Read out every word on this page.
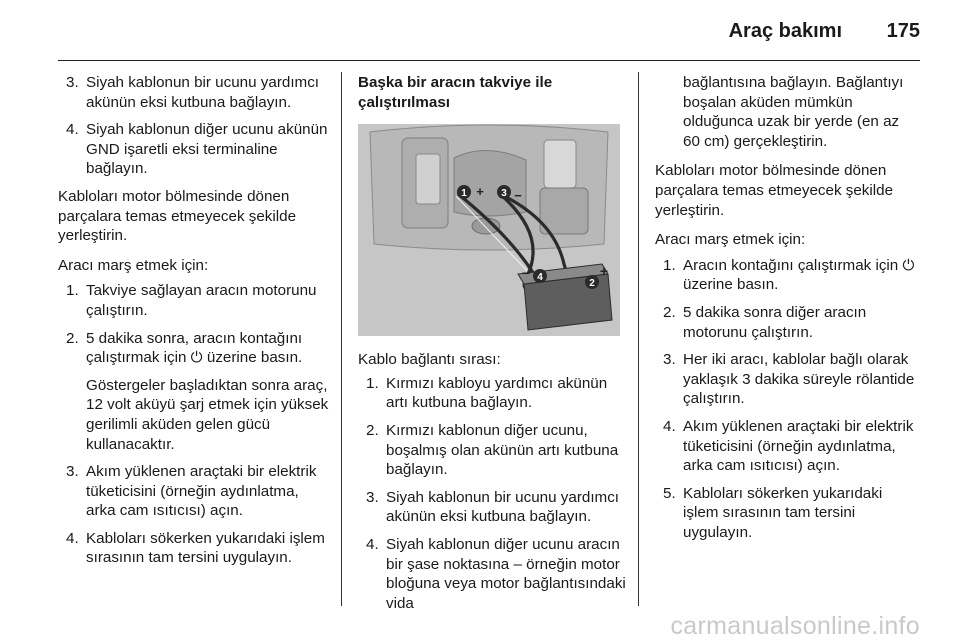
Araç bakımı 175
3. Siyah kablonun bir ucunu yardımcı akünün eksi kutbuna bağlayın.
4. Siyah kablonun diğer ucunu akünün GND işaretli eksi terminaline bağlayın.

Kabloları motor bölmesinde dönen parçalara temas etmeyecek şekilde yerleştirin.

Aracı marş etmek için:

1. Takviye sağlayan aracın motorunu çalıştırın.
2. 5 dakika sonra, aracın kontağını çalıştırmak için ⏻ üzerine basın.
Göstergeler başladıktan sonra araç, 12 volt aküyü şarj etmek için yüksek gerilimli aküden gelen gücü kullanacaktır.
3. Akım yüklenen araçtaki bir elektrik tüketicisini (örneğin aydınlatma, arka cam ısıtıcısı) açın.
4. Kabloları sökerken yukarıdaki işlem sırasının tam tersini uygulayın.
Başka bir aracın takviye ile çalıştırılması
1 + 3 −
4
−
2
+

Kablo bağlantı sırası:

1. Kırmızı kabloyu yardımcı akünün artı kutbuna bağlayın.
2. Kırmızı kablonun diğer ucunu, boşalmış olan akünün artı kutbuna bağlayın.
3. Siyah kablonun bir ucunu yardımcı akünün eksi kutbuna bağlayın.
4. Siyah kablonun diğer ucunu aracın bir şase noktasına – örneğin motor bloğuna veya motor bağlantısındaki vida

bağlantısına bağlayın. Bağlantıyı boşalan aküden mümkün olduğunca uzak bir yerde (en az 60 cm) gerçekleştirin.

Kabloları motor bölmesinde dönen parçalara temas etmeyecek şekilde yerleştirin.

Aracı marş etmek için:

1. Aracın kontağını çalıştırmak için ⏻ üzerine basın.
2. 5 dakika sonra diğer aracın motorunu çalıştırın.
3. Her iki aracı, kablolar bağlı olarak yaklaşık 3 dakika süreyle rölantide çalıştırın.
4. Akım yüklenen araçtaki bir elektrik tüketicisini (örneğin aydınlatma, arka cam ısıtıcısı) açın.
5. Kabloları sökerken yukarıdaki işlem sırasının tam tersini uygulayın.
carmanualsonline.info
